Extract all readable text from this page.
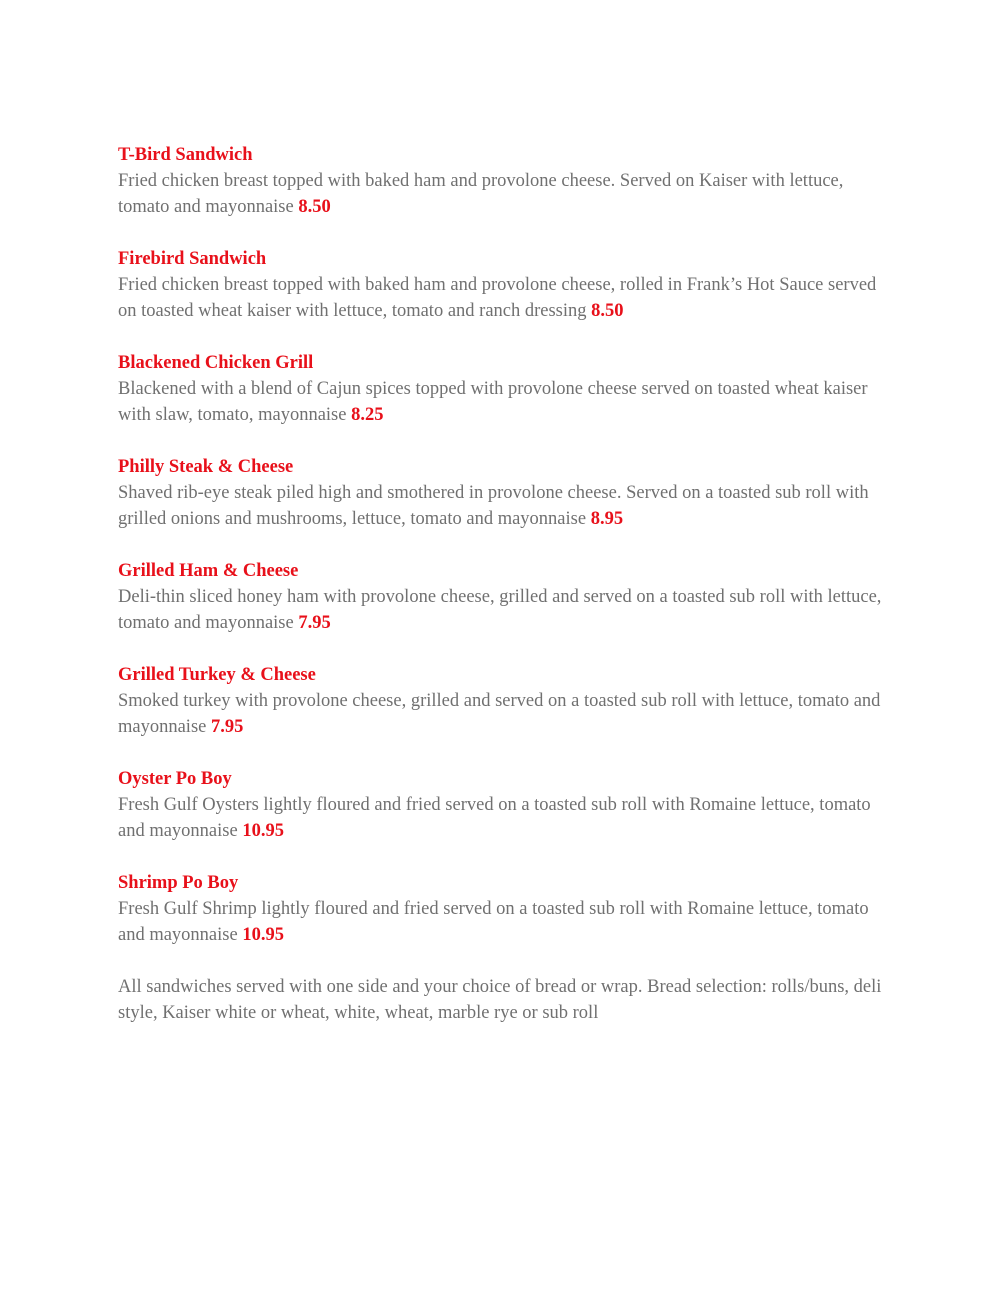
T-Bird Sandwich
Fried chicken breast topped with baked ham and provolone cheese. Served on Kaiser with lettuce, tomato and mayonnaise 8.50
Firebird Sandwich
Fried chicken breast topped with baked ham and provolone cheese, rolled in Frank’s Hot Sauce served on toasted wheat kaiser with lettuce, tomato and ranch dressing 8.50
Blackened Chicken Grill
Blackened with a blend of Cajun spices topped with provolone cheese served on toasted wheat kaiser with slaw, tomato, mayonnaise 8.25
Philly Steak & Cheese
Shaved rib-eye steak piled high and smothered in provolone cheese. Served on a toasted sub roll with grilled onions and mushrooms, lettuce, tomato and mayonnaise 8.95
Grilled Ham & Cheese
Deli-thin sliced honey ham with provolone cheese, grilled and served on a toasted sub roll with lettuce, tomato and mayonnaise 7.95
Grilled Turkey & Cheese
Smoked turkey with provolone cheese, grilled and served on a toasted sub roll with lettuce, tomato and mayonnaise 7.95
Oyster Po Boy
Fresh Gulf Oysters lightly floured and fried served on a toasted sub roll with Romaine lettuce, tomato and mayonnaise 10.95
Shrimp Po Boy
Fresh Gulf Shrimp lightly floured and fried served on a toasted sub roll with Romaine lettuce, tomato and mayonnaise 10.95
All sandwiches served with one side and your choice of bread or wrap. Bread selection: rolls/buns, deli style, Kaiser white or wheat, white, wheat, marble rye or sub roll
